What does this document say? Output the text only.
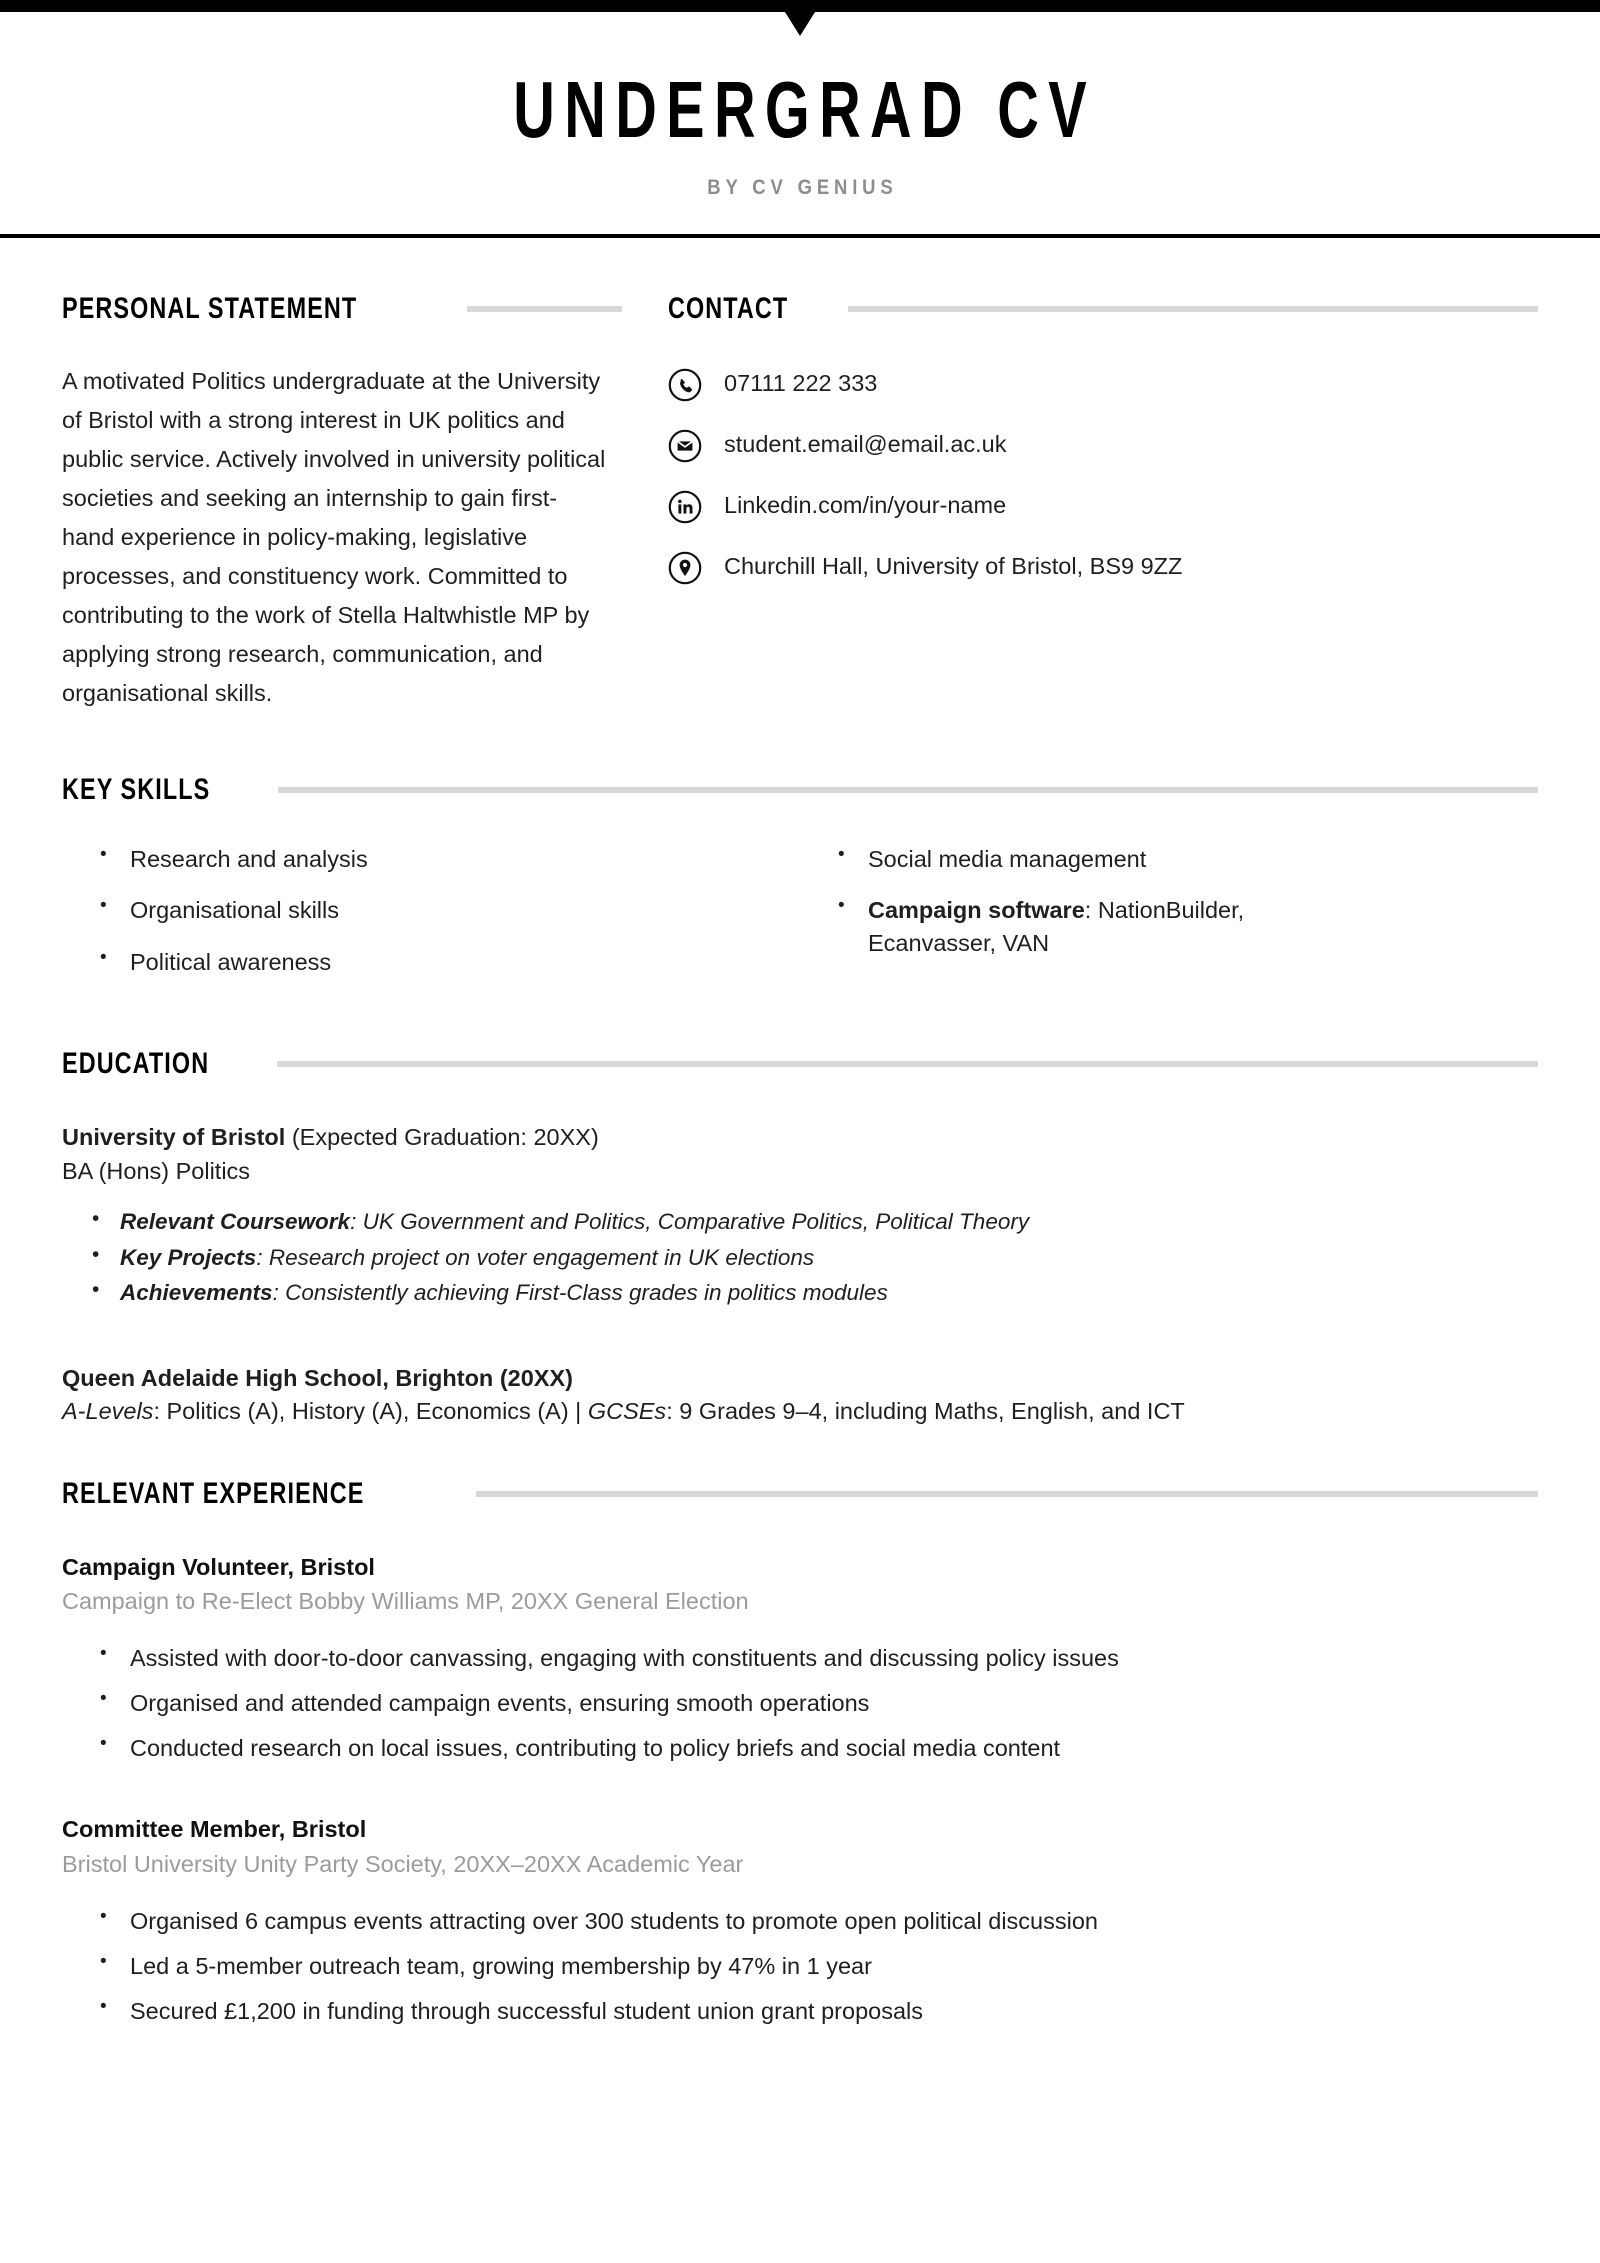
UNDERGRAD CV
BY CV GENIUS
PERSONAL STATEMENT

A motivated Politics undergraduate at the University of Bristol with a strong interest in UK politics and public service. Actively involved in university political societies and seeking an internship to gain first-hand experience in policy-making, legislative processes, and constituency work. Committed to contributing to the work of Stella Haltwhistle MP by applying strong research, communication, and organisational skills.

CONTACT
07111 222 333
student.email@email.ac.uk
Linkedin.com/in/your-name
Churchill Hall, University of Bristol, BS9 9ZZ
KEY SKILLS
• Research and analysis
• Organisational skills
• Political awareness
• Social media management
• Campaign software: NationBuilder, Ecanvasser, VAN
EDUCATION
University of Bristol (Expected Graduation: 20XX)
BA (Hons) Politics
• Relevant Coursework: UK Government and Politics, Comparative Politics, Political Theory
• Key Projects: Research project on voter engagement in UK elections
• Achievements: Consistently achieving First-Class grades in politics modules
Queen Adelaide High School, Brighton (20XX)
A-Levels: Politics (A), History (A), Economics (A) | GCSEs: 9 Grades 9–4, including Maths, English, and ICT
RELEVANT EXPERIENCE
Campaign Volunteer, Bristol
Campaign to Re-Elect Bobby Williams MP, 20XX General Election
• Assisted with door-to-door canvassing, engaging with constituents and discussing policy issues
• Organised and attended campaign events, ensuring smooth operations
• Conducted research on local issues, contributing to policy briefs and social media content
Committee Member, Bristol
Bristol University Unity Party Society, 20XX–20XX Academic Year
• Organised 6 campus events attracting over 300 students to promote open political discussion
• Led a 5-member outreach team, growing membership by 47% in 1 year
• Secured £1,200 in funding through successful student union grant proposals
